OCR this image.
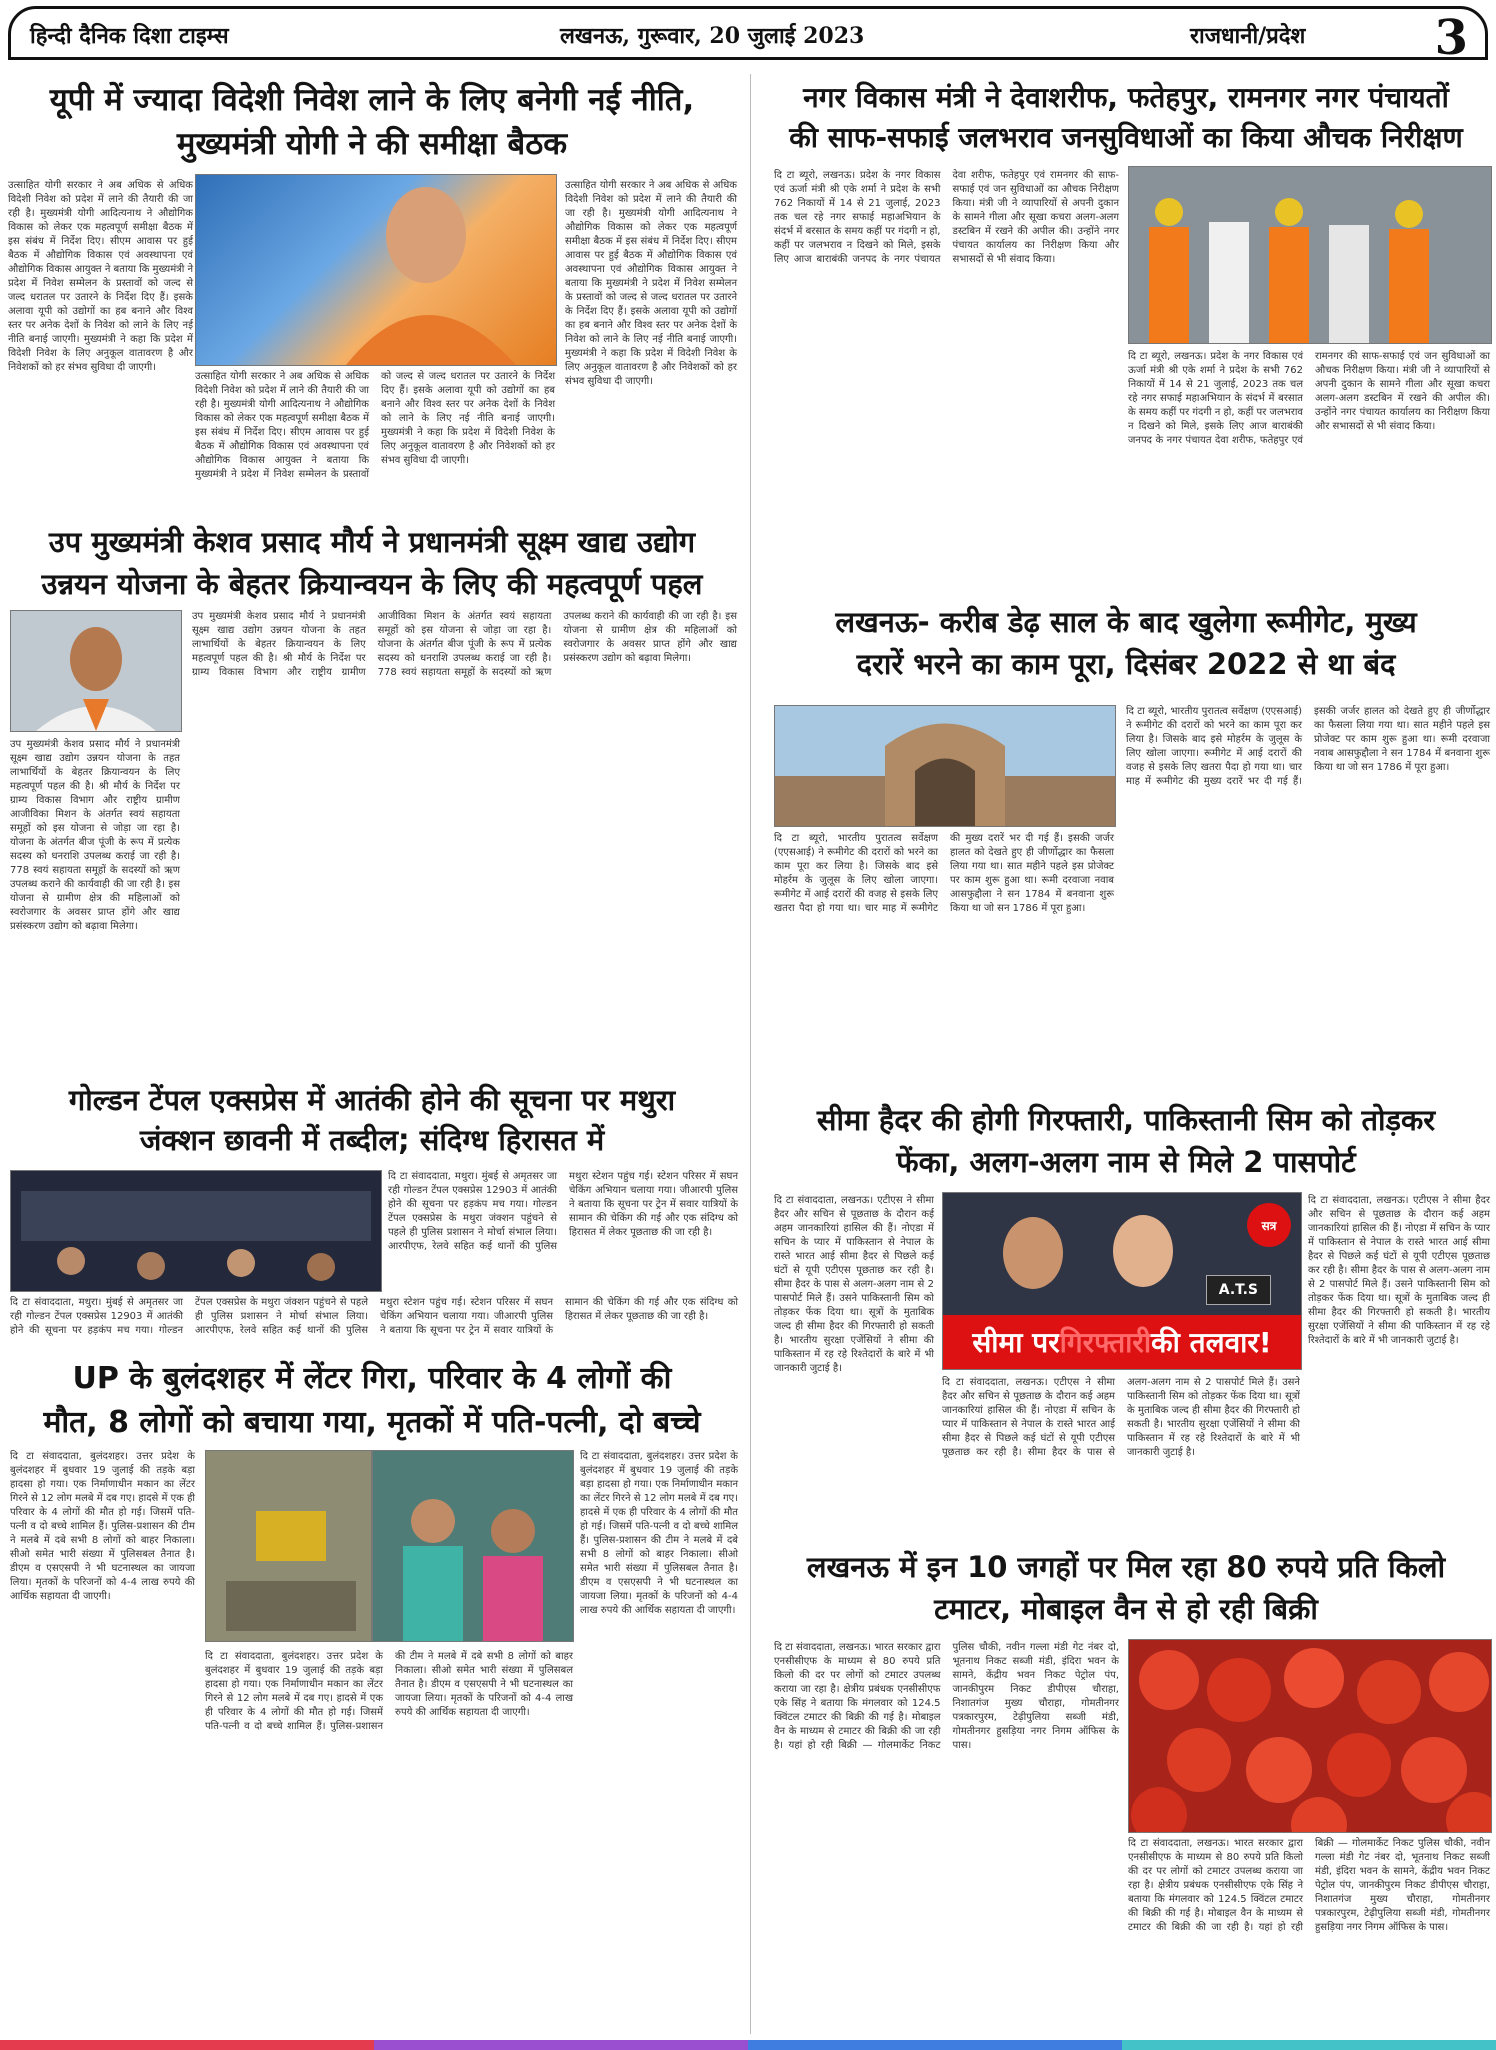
हिन्दी दैनिक दिशा टाइम्स	लखनऊ, गुरूवार, 20 जुलाई 2023	राजधानी/प्रदेश	3
यूपी में ज्यादा विदेशी निवेश लाने के लिए बनेगी नई नीति,
मुख्यमंत्री योगी ने की समीक्षा बैठक
उत्साहित योगी सरकार ने अब अधिक से अधिक विदेशी निवेश को प्रदेश में लाने की तैयारी की जा रही है। मुख्यमंत्री योगी आदित्यनाथ ने औद्योगिक विकास को लेकर एक महत्वपूर्ण समीक्षा बैठक में इस संबंध में निर्देश दिए। सीएम आवास पर हुई बैठक में औद्योगिक विकास एवं अवस्थापना एवं औद्योगिक विकास आयुक्त ने बताया कि मुख्यमंत्री ने प्रदेश में निवेश सम्मेलन के प्रस्तावों को जल्द से जल्द धरातल पर उतारने के निर्देश दिए हैं। इसके अलावा यूपी को उद्योगों का हब बनाने और विश्व स्तर पर अनेक देशों के निवेश को लाने के लिए नई नीति बनाई जाएगी। मुख्यमंत्री ने कहा कि प्रदेश में विदेशी निवेश के लिए अनुकूल वातावरण है और निवेशकों को हर संभव सुविधा दी जाएगी।
उत्साहित योगी सरकार ने अब अधिक से अधिक विदेशी निवेश को प्रदेश में लाने की तैयारी की जा रही है। मुख्यमंत्री योगी आदित्यनाथ ने औद्योगिक विकास को लेकर एक महत्वपूर्ण समीक्षा बैठक में इस संबंध में निर्देश दिए। सीएम आवास पर हुई बैठक में औद्योगिक विकास एवं अवस्थापना एवं औद्योगिक विकास आयुक्त ने बताया कि मुख्यमंत्री ने प्रदेश में निवेश सम्मेलन के प्रस्तावों को जल्द से जल्द धरातल पर उतारने के निर्देश दिए हैं। इसके अलावा यूपी को उद्योगों का हब बनाने और विश्व स्तर पर अनेक देशों के निवेश को लाने के लिए नई नीति बनाई जाएगी। मुख्यमंत्री ने कहा कि प्रदेश में विदेशी निवेश के लिए अनुकूल वातावरण है और निवेशकों को हर संभव सुविधा दी जाएगी।
उत्साहित योगी सरकार ने अब अधिक से अधिक विदेशी निवेश को प्रदेश में लाने की तैयारी की जा रही है। मुख्यमंत्री योगी आदित्यनाथ ने औद्योगिक विकास को लेकर एक महत्वपूर्ण समीक्षा बैठक में इस संबंध में निर्देश दिए। सीएम आवास पर हुई बैठक में औद्योगिक विकास एवं अवस्थापना एवं औद्योगिक विकास आयुक्त ने बताया कि मुख्यमंत्री ने प्रदेश में निवेश सम्मेलन के प्रस्तावों को जल्द से जल्द धरातल पर उतारने के निर्देश दिए हैं। इसके अलावा यूपी को उद्योगों का हब बनाने और विश्व स्तर पर अनेक देशों के निवेश को लाने के लिए नई नीति बनाई जाएगी। मुख्यमंत्री ने कहा कि प्रदेश में विदेशी निवेश के लिए अनुकूल वातावरण है और निवेशकों को हर संभव सुविधा दी जाएगी।
उप मुख्यमंत्री केशव प्रसाद मौर्य ने प्रधानमंत्री सूक्ष्म खाद्य उद्योग
उन्नयन योजना के बेहतर क्रियान्वयन के लिए की महत्वपूर्ण पहल
उप मुख्यमंत्री केशव प्रसाद मौर्य ने प्रधानमंत्री सूक्ष्म खाद्य उद्योग उन्नयन योजना के तहत लाभार्थियों के बेहतर क्रियान्वयन के लिए महत्वपूर्ण पहल की है। श्री मौर्य के निर्देश पर ग्राम्य विकास विभाग और राष्ट्रीय ग्रामीण आजीविका मिशन के अंतर्गत स्वयं सहायता समूहों को इस योजना से जोड़ा जा रहा है। योजना के अंतर्गत बीज पूंजी के रूप में प्रत्येक सदस्य को धनराशि उपलब्ध कराई जा रही है। 778 स्वयं सहायता समूहों के सदस्यों को ऋण उपलब्ध कराने की कार्यवाही की जा रही है। इस योजना से ग्रामीण क्षेत्र की महिलाओं को स्वरोजगार के अवसर प्राप्त होंगे और खाद्य प्रसंस्करण उद्योग को बढ़ावा मिलेगा।
उप मुख्यमंत्री केशव प्रसाद मौर्य ने प्रधानमंत्री सूक्ष्म खाद्य उद्योग उन्नयन योजना के तहत लाभार्थियों के बेहतर क्रियान्वयन के लिए महत्वपूर्ण पहल की है। श्री मौर्य के निर्देश पर ग्राम्य विकास विभाग और राष्ट्रीय ग्रामीण आजीविका मिशन के अंतर्गत स्वयं सहायता समूहों को इस योजना से जोड़ा जा रहा है। योजना के अंतर्गत बीज पूंजी के रूप में प्रत्येक सदस्य को धनराशि उपलब्ध कराई जा रही है। 778 स्वयं सहायता समूहों के सदस्यों को ऋण उपलब्ध कराने की कार्यवाही की जा रही है। इस योजना से ग्रामीण क्षेत्र की महिलाओं को स्वरोजगार के अवसर प्राप्त होंगे और खाद्य प्रसंस्करण उद्योग को बढ़ावा मिलेगा।
गोल्डन टेंपल एक्सप्रेस में आतंकी होने की सूचना पर मथुरा
जंक्शन छावनी में तब्दील; संदिग्ध हिरासत में
दि टा संवाददाता, मथुरा। मुंबई से अमृतसर जा रही गोल्डन टेंपल एक्सप्रेस 12903 में आतंकी होने की सूचना पर हड़कंप मच गया। गोल्डन टेंपल एक्सप्रेस के मथुरा जंक्शन पहुंचने से पहले ही पुलिस प्रशासन ने मोर्चा संभाल लिया। आरपीएफ, रेलवे सहित कई थानों की पुलिस मथुरा स्टेशन पहुंच गई। स्टेशन परिसर में सघन चेकिंग अभियान चलाया गया। जीआरपी पुलिस ने बताया कि सूचना पर ट्रेन में सवार यात्रियों के सामान की चेकिंग की गई और एक संदिग्ध को हिरासत में लेकर पूछताछ की जा रही है।
दि टा संवाददाता, मथुरा। मुंबई से अमृतसर जा रही गोल्डन टेंपल एक्सप्रेस 12903 में आतंकी होने की सूचना पर हड़कंप मच गया। गोल्डन टेंपल एक्सप्रेस के मथुरा जंक्शन पहुंचने से पहले ही पुलिस प्रशासन ने मोर्चा संभाल लिया। आरपीएफ, रेलवे सहित कई थानों की पुलिस मथुरा स्टेशन पहुंच गई। स्टेशन परिसर में सघन चेकिंग अभियान चलाया गया। जीआरपी पुलिस ने बताया कि सूचना पर ट्रेन में सवार यात्रियों के सामान की चेकिंग की गई और एक संदिग्ध को हिरासत में लेकर पूछताछ की जा रही है।
UP के बुलंदशहर में लेंटर गिरा, परिवार के 4 लोगों की
मौत, 8 लोगों को बचाया गया, मृतकों में पति-पत्नी, दो बच्चे
दि टा संवाददाता, बुलंदशहर। उत्तर प्रदेश के बुलंदशहर में बुधवार 19 जुलाई की तड़के बड़ा हादसा हो गया। एक निर्माणाधीन मकान का लेंटर गिरने से 12 लोग मलबे में दब गए। हादसे में एक ही परिवार के 4 लोगों की मौत हो गई। जिसमें पति-पत्नी व दो बच्चे शामिल हैं। पुलिस-प्रशासन की टीम ने मलबे में दबे सभी 8 लोगों को बाहर निकाला। सीओ समेत भारी संख्या में पुलिसबल तैनात है। डीएम व एसएसपी ने भी घटनास्थल का जायजा लिया। मृतकों के परिजनों को 4-4 लाख रुपये की आर्थिक सहायता दी जाएगी।
दि टा संवाददाता, बुलंदशहर। उत्तर प्रदेश के बुलंदशहर में बुधवार 19 जुलाई की तड़के बड़ा हादसा हो गया। एक निर्माणाधीन मकान का लेंटर गिरने से 12 लोग मलबे में दब गए। हादसे में एक ही परिवार के 4 लोगों की मौत हो गई। जिसमें पति-पत्नी व दो बच्चे शामिल हैं। पुलिस-प्रशासन की टीम ने मलबे में दबे सभी 8 लोगों को बाहर निकाला। सीओ समेत भारी संख्या में पुलिसबल तैनात है। डीएम व एसएसपी ने भी घटनास्थल का जायजा लिया। मृतकों के परिजनों को 4-4 लाख रुपये की आर्थिक सहायता दी जाएगी।
दि टा संवाददाता, बुलंदशहर। उत्तर प्रदेश के बुलंदशहर में बुधवार 19 जुलाई की तड़के बड़ा हादसा हो गया। एक निर्माणाधीन मकान का लेंटर गिरने से 12 लोग मलबे में दब गए। हादसे में एक ही परिवार के 4 लोगों की मौत हो गई। जिसमें पति-पत्नी व दो बच्चे शामिल हैं। पुलिस-प्रशासन की टीम ने मलबे में दबे सभी 8 लोगों को बाहर निकाला। सीओ समेत भारी संख्या में पुलिसबल तैनात है। डीएम व एसएसपी ने भी घटनास्थल का जायजा लिया। मृतकों के परिजनों को 4-4 लाख रुपये की आर्थिक सहायता दी जाएगी।
नगर विकास मंत्री ने देवाशरीफ, फतेहपुर, रामनगर नगर पंचायतों
की साफ-सफाई जलभराव जनसुविधाओं का किया औचक निरीक्षण
दि टा ब्यूरो, लखनऊ। प्रदेश के नगर विकास एवं ऊर्जा मंत्री श्री एके शर्मा ने प्रदेश के सभी 762 निकायों में 14 से 21 जुलाई, 2023 तक चल रहे नगर सफाई महाअभियान के संदर्भ में बरसात के समय कहीं पर गंदगी न हो, कहीं पर जलभराव न दिखने को मिले, इसके लिए आज बाराबंकी जनपद के नगर पंचायत देवा शरीफ, फतेहपुर एवं रामनगर की साफ-सफाई एवं जन सुविधाओं का औचक निरीक्षण किया। मंत्री जी ने व्यापारियों से अपनी दुकान के सामने गीला और सूखा कचरा अलग-अलग डस्टबिन में रखने की अपील की। उन्होंने नगर पंचायत कार्यालय का निरीक्षण किया और सभासदों से भी संवाद किया।
दि टा ब्यूरो, लखनऊ। प्रदेश के नगर विकास एवं ऊर्जा मंत्री श्री एके शर्मा ने प्रदेश के सभी 762 निकायों में 14 से 21 जुलाई, 2023 तक चल रहे नगर सफाई महाअभियान के संदर्भ में बरसात के समय कहीं पर गंदगी न हो, कहीं पर जलभराव न दिखने को मिले, इसके लिए आज बाराबंकी जनपद के नगर पंचायत देवा शरीफ, फतेहपुर एवं रामनगर की साफ-सफाई एवं जन सुविधाओं का औचक निरीक्षण किया। मंत्री जी ने व्यापारियों से अपनी दुकान के सामने गीला और सूखा कचरा अलग-अलग डस्टबिन में रखने की अपील की। उन्होंने नगर पंचायत कार्यालय का निरीक्षण किया और सभासदों से भी संवाद किया।
लखनऊ- करीब डेढ़ साल के बाद खुलेगा रूमीगेट, मुख्य
दरारें भरने का काम पूरा, दिसंबर 2022 से था बंद
दि टा ब्यूरो, भारतीय पुरातत्व सर्वेक्षण (एएसआई) ने रूमीगेट की दरारों को भरने का काम पूरा कर लिया है। जिसके बाद इसे मोहर्रम के जुलूस के लिए खोला जाएगा। रूमीगेट में आई दरारों की वजह से इसके लिए खतरा पैदा हो गया था। चार माह में रूमीगेट की मुख्य दरारें भर दी गई हैं। इसकी जर्जर हालत को देखते हुए ही जीर्णोद्धार का फैसला लिया गया था। सात महीने पहले इस प्रोजेक्ट पर काम शुरू हुआ था। रूमी दरवाजा नवाब आसफुद्दौला ने सन 1784 में बनवाना शुरू किया था जो सन 1786 में पूरा हुआ।
दि टा ब्यूरो, भारतीय पुरातत्व सर्वेक्षण (एएसआई) ने रूमीगेट की दरारों को भरने का काम पूरा कर लिया है। जिसके बाद इसे मोहर्रम के जुलूस के लिए खोला जाएगा। रूमीगेट में आई दरारों की वजह से इसके लिए खतरा पैदा हो गया था। चार माह में रूमीगेट की मुख्य दरारें भर दी गई हैं। इसकी जर्जर हालत को देखते हुए ही जीर्णोद्धार का फैसला लिया गया था। सात महीने पहले इस प्रोजेक्ट पर काम शुरू हुआ था। रूमी दरवाजा नवाब आसफुद्दौला ने सन 1784 में बनवाना शुरू किया था जो सन 1786 में पूरा हुआ।
सीमा हैदर की होगी गिरफ्तारी, पाकिस्तानी सिम को तोड़कर
फेंका, अलग-अलग नाम से मिले 2 पासपोर्ट
दि टा संवाददाता, लखनऊ। एटीएस ने सीमा हैदर और सचिन से पूछताछ के दौरान कई अहम जानकारियां हासिल की हैं। नोएडा में सचिन के प्यार में पाकिस्तान से नेपाल के रास्ते भारत आई सीमा हैदर से पिछले कई घंटों से यूपी एटीएस पूछताछ कर रही है। सीमा हैदर के पास से अलग-अलग नाम से 2 पासपोर्ट मिले हैं। उसने पाकिस्तानी सिम को तोड़कर फेंक दिया था। सूत्रों के मुताबिक जल्द ही सीमा हैदर की गिरफ्तारी हो सकती है। भारतीय सुरक्षा एजेंसियों ने सीमा की पाकिस्तान में रह रहे रिश्तेदारों के बारे में भी जानकारी जुटाई है।
सत्र
A.T.S
सीमा पर गिरफ्तारी की तलवार!
दि टा संवाददाता, लखनऊ। एटीएस ने सीमा हैदर और सचिन से पूछताछ के दौरान कई अहम जानकारियां हासिल की हैं। नोएडा में सचिन के प्यार में पाकिस्तान से नेपाल के रास्ते भारत आई सीमा हैदर से पिछले कई घंटों से यूपी एटीएस पूछताछ कर रही है। सीमा हैदर के पास से अलग-अलग नाम से 2 पासपोर्ट मिले हैं। उसने पाकिस्तानी सिम को तोड़कर फेंक दिया था। सूत्रों के मुताबिक जल्द ही सीमा हैदर की गिरफ्तारी हो सकती है। भारतीय सुरक्षा एजेंसियों ने सीमा की पाकिस्तान में रह रहे रिश्तेदारों के बारे में भी जानकारी जुटाई है।
दि टा संवाददाता, लखनऊ। एटीएस ने सीमा हैदर और सचिन से पूछताछ के दौरान कई अहम जानकारियां हासिल की हैं। नोएडा में सचिन के प्यार में पाकिस्तान से नेपाल के रास्ते भारत आई सीमा हैदर से पिछले कई घंटों से यूपी एटीएस पूछताछ कर रही है। सीमा हैदर के पास से अलग-अलग नाम से 2 पासपोर्ट मिले हैं। उसने पाकिस्तानी सिम को तोड़कर फेंक दिया था। सूत्रों के मुताबिक जल्द ही सीमा हैदर की गिरफ्तारी हो सकती है। भारतीय सुरक्षा एजेंसियों ने सीमा की पाकिस्तान में रह रहे रिश्तेदारों के बारे में भी जानकारी जुटाई है।
लखनऊ में इन 10 जगहों पर मिल रहा 80 रुपये प्रति किलो
टमाटर, मोबाइल वैन से हो रही बिक्री
दि टा संवाददाता, लखनऊ। भारत सरकार द्वारा एनसीसीएफ के माध्यम से 80 रुपये प्रति किलो की दर पर लोगों को टमाटर उपलब्ध कराया जा रहा है। क्षेत्रीय प्रबंधक एनसीसीएफ एके सिंह ने बताया कि मंगलवार को 124.5 क्विंटल टमाटर की बिक्री की गई है। मोबाइल वैन के माध्यम से टमाटर की बिक्री की जा रही है। यहां हो रही बिक्री — गोलमार्केट निकट पुलिस चौकी, नवीन गल्ला मंडी गेट नंबर दो, भूतनाथ निकट सब्जी मंडी, इंदिरा भवन के सामने, केंद्रीय भवन निकट पेट्रोल पंप, जानकीपुरम निकट डीपीएस चौराहा, निशातगंज मुख्य चौराहा, गोमतीनगर पत्रकारपुरम, टेढ़ीपुलिया सब्जी मंडी, गोमतीनगर हुसड़िया नगर निगम ऑफिस के पास।
दि टा संवाददाता, लखनऊ। भारत सरकार द्वारा एनसीसीएफ के माध्यम से 80 रुपये प्रति किलो की दर पर लोगों को टमाटर उपलब्ध कराया जा रहा है। क्षेत्रीय प्रबंधक एनसीसीएफ एके सिंह ने बताया कि मंगलवार को 124.5 क्विंटल टमाटर की बिक्री की गई है। मोबाइल वैन के माध्यम से टमाटर की बिक्री की जा रही है। यहां हो रही बिक्री — गोलमार्केट निकट पुलिस चौकी, नवीन गल्ला मंडी गेट नंबर दो, भूतनाथ निकट सब्जी मंडी, इंदिरा भवन के सामने, केंद्रीय भवन निकट पेट्रोल पंप, जानकीपुरम निकट डीपीएस चौराहा, निशातगंज मुख्य चौराहा, गोमतीनगर पत्रकारपुरम, टेढ़ीपुलिया सब्जी मंडी, गोमतीनगर हुसड़िया नगर निगम ऑफिस के पास।
